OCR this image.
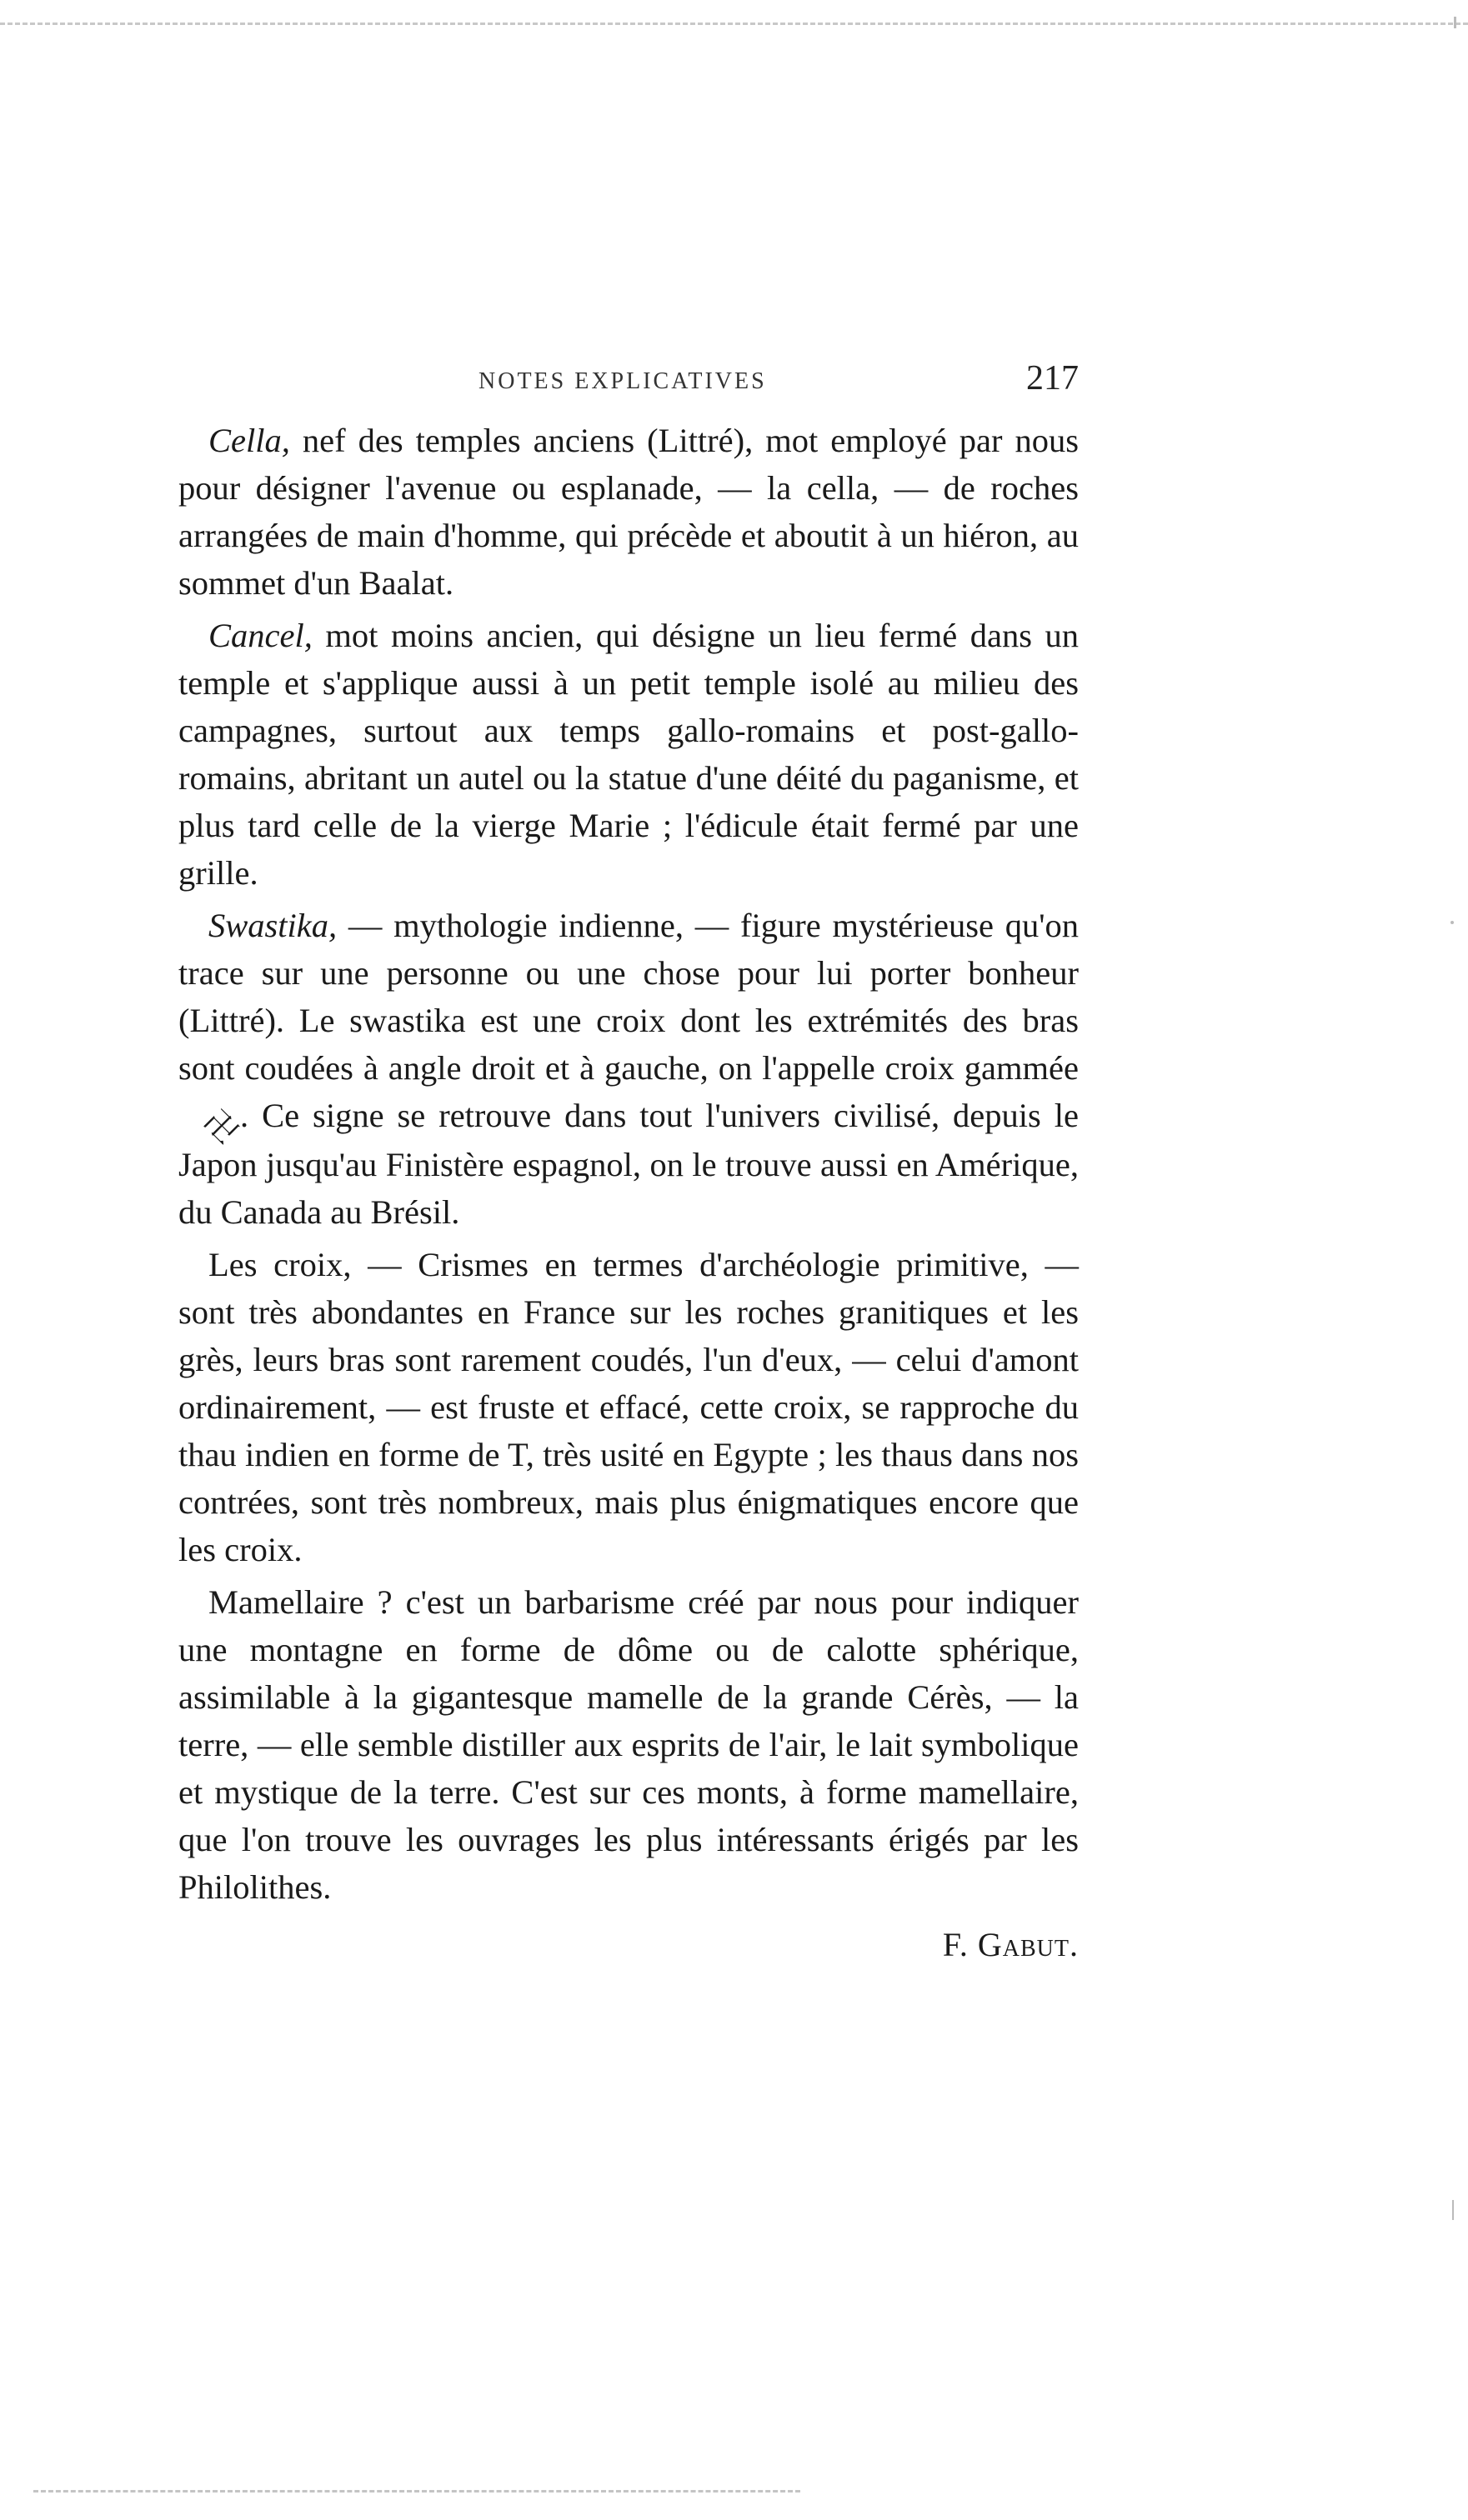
NOTES EXPLICATIVES	217

Cella, nef des temples anciens (Littré), mot employé par nous pour désigner l'avenue ou esplanade, — la cella, — de roches arrangées de main d'homme, qui précède et aboutit à un hiéron, au sommet d'un Baalat.

Cancel, mot moins ancien, qui désigne un lieu fermé dans un temple et s'applique aussi à un petit temple isolé au milieu des campagnes, surtout aux temps gallo-romains et post-gallo-romains, abritant un autel ou la statue d'une déité du paganisme, et plus tard celle de la vierge Marie ; l'édicule était fermé par une grille.

Swastika, — mythologie indienne, — figure mystérieuse qu'on trace sur une personne ou une chose pour lui porter bonheur (Littré). Le swastika est une croix dont les extrémités des bras sont coudées à angle droit et à gauche, on l'appelle croix gammée 卍. Ce signe se retrouve dans tout l'univers civilisé, depuis le Japon jusqu'au Finistère espagnol, on le trouve aussi en Amérique, du Canada au Brésil.

Les croix, — Crismes en termes d'archéologie primitive, — sont très abondantes en France sur les roches granitiques et les grès, leurs bras sont rarement coudés, l'un d'eux, — celui d'amont ordinairement, — est fruste et effacé, cette croix, se rapproche du thau indien en forme de T, très usité en Egypte ; les thaus dans nos contrées, sont très nombreux, mais plus énigmatiques encore que les croix.

Mamellaire ? c'est un barbarisme créé par nous pour indiquer une montagne en forme de dôme ou de calotte sphérique, assimilable à la gigantesque mamelle de la grande Cérès, — la terre, — elle semble distiller aux esprits de l'air, le lait symbolique et mystique de la terre. C'est sur ces monts, à forme mamellaire, que l'on trouve les ouvrages les plus intéressants érigés par les Philolithes.

F. Gabut.
